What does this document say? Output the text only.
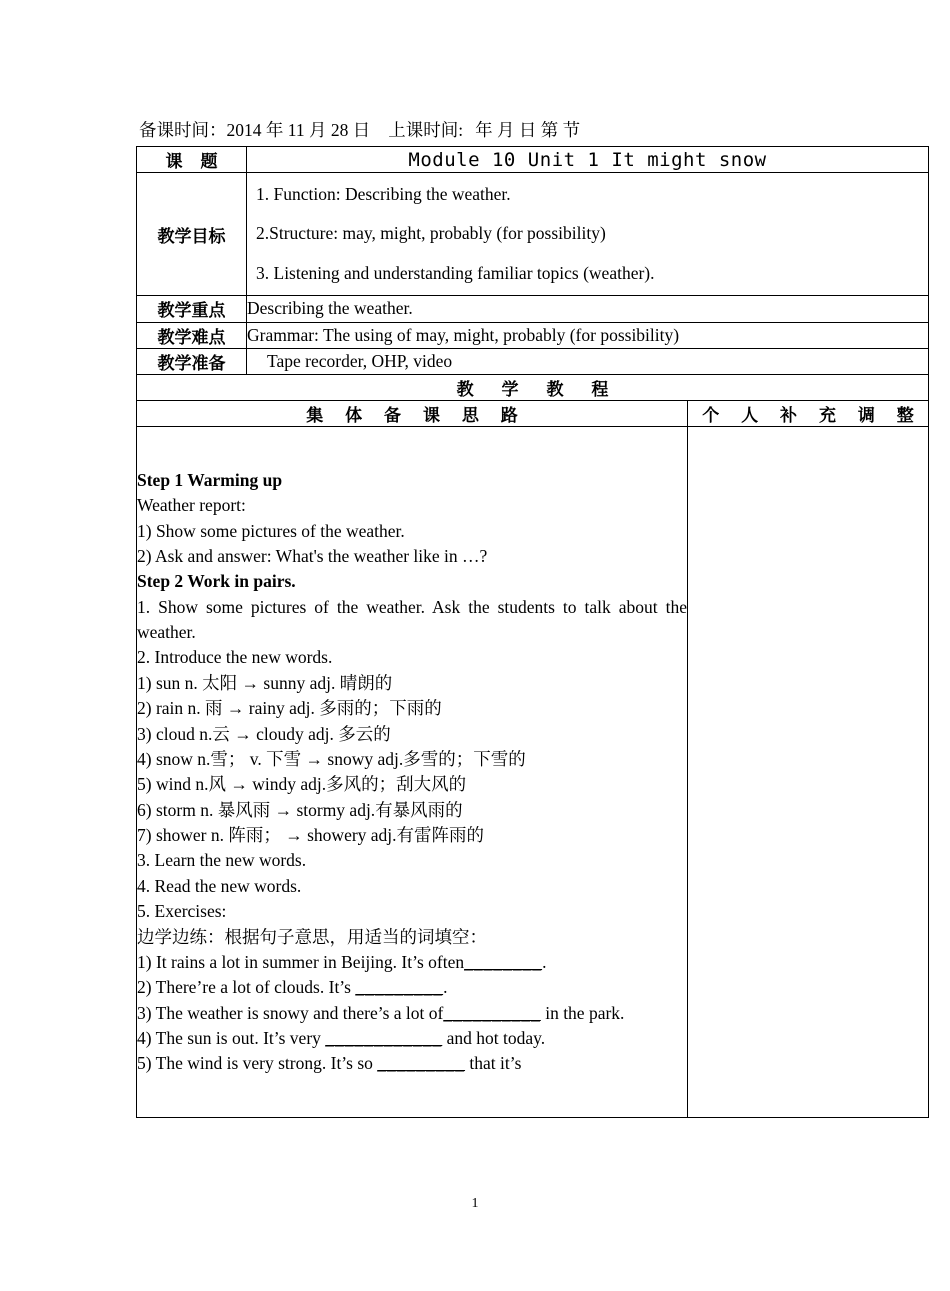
备课时间：2014 年 11 月 28 日 上课时间: 年 月 日 第 节
课 题	Module 10 Unit 1 It might snow	
教学目标	1. Function: Describing the weather.

2.Structure: may, might, probably (for possibility)

3. Listening and understanding familiar topics (weather).	

教学重点	Describing the weather.	
教学难点	Grammar: The using of may, might, probably (for possibility)	
教学准备	Tape recorder, OHP, video	
教 学 教 程		
集 体 备 课 思 路		个 人 补 充 调 整

Step 1 Warming up

Weather report:

1) Show some pictures of the weather.

2) Ask and answer: What's the weather like in …?

Step 2 Work in pairs.

1. Show some pictures of the weather. Ask the students to talk about the weather.

2. Introduce the new words.

1) sun n. 太阳 → sunny adj. 晴朗的

2) rain n. 雨 → rainy adj. 多雨的；下雨的

3) cloud n.云 → cloudy adj. 多云的

4) snow n.雪； v. 下雪 → snowy adj.多雪的；下雪的

5) wind n.风 → windy adj.多风的；刮大风的

6) storm n. 暴风雨 → stormy adj.有暴风雨的

7) shower n. 阵雨； → showery adj.有雷阵雨的

3. Learn the new words.

4. Read the new words.

5. Exercises:

边学边练：根据句子意思，用适当的词填空：

1) It rains a lot in summer in Beijing. It’s often________.

2) There’re a lot of clouds. It’s _________.

3) The weather is snowy and there’s a lot of__________ in the park.

4) The sun is out. It’s very ____________ and hot today.

5) The wind is very strong. It’s so _________ that it’s

1
